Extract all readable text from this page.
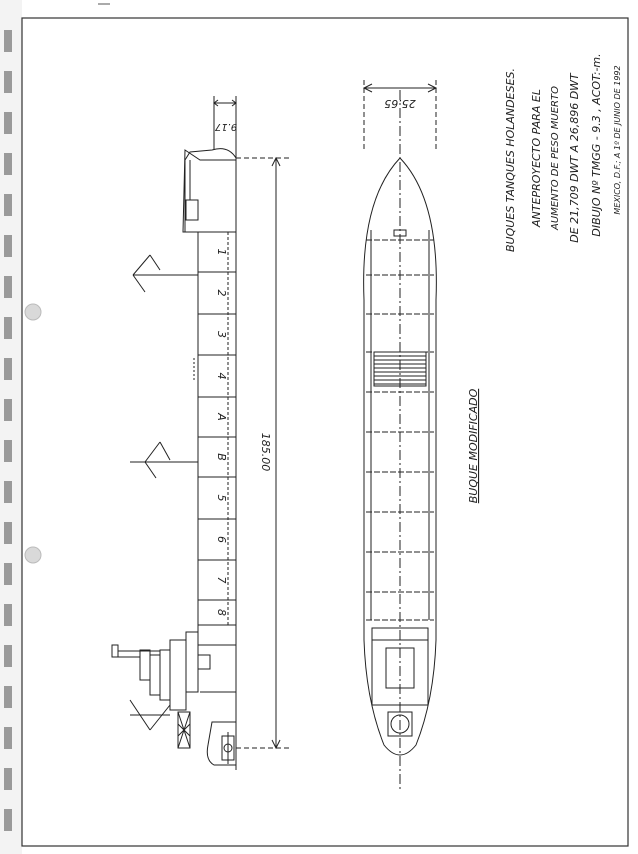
1
2
3
4
A
B
5
6
7
8
185.00
9.17
25.65
BUQUE MODIFICADO
BUQUES TANQUES HOLANDESES. ANTEPROYECTO PARA EL AUMENTO DE PESO MUERTO DE 21,709 DWT A 26,896 DWT DIBUJO Nº TMGG - 9.3 , ACOT:-m. MEXICO, D.F.; A 1º DE JUNIO DE 1992
